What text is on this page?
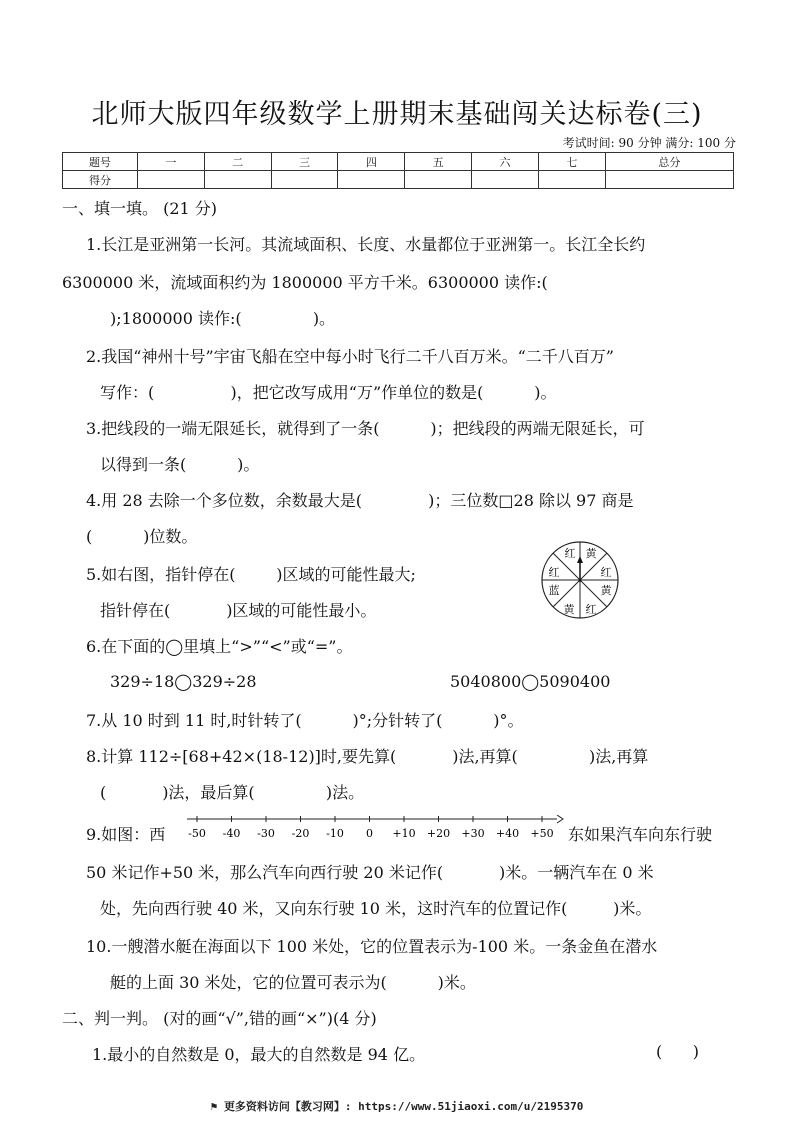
北师大版四年级数学上册期末基础闯关达标卷(三)
考试时间: 90 分钟 满分: 100 分
题号	一	二	三	四	五	六	七	总分
得分								
一、填一填。 (21 分)
1.长江是亚洲第一长河。其流域面积、长度、水量都位于亚洲第一。长江全长约
6300000 米，流域面积约为 1800000 平方千米。6300000 读作:(
);1800000 读作:(              )。
2.我国“神州十号”宇宙飞船在空中每小时飞行二千八百万米。“二千八百万”
写作：(               )，把它改写成用“万”作单位的数是(          )。
3.把线段的一端无限延长，就得到了一条(          )；把线段的两端无限延长，可
以得到一条(          )。
4.用 28 去除一个多位数，余数最大是(             )；三位数□28 除以 97 商是
(          )位数。
5.如右图，指针停在(        )区域的可能性最大;
指针停在(           )区域的可能性最小。
红 黄
红
黄
红
黄
蓝
红
6.在下面的◯里填上“>”“<”或“=”。
329÷18◯329÷28	5040800◯5090400
7.从 10 时到 11 时,时针转了(          )°;分针转了(          )°。
8.计算 112÷[68+42×(18-12)]时,要先算(           )法,再算(              )法,再算
(           )法，最后算(              )法。
9.如图：西 -50 -40 -30 -20 -10 0 +10 +20 +30 +40 +50 东如果汽车向东行驶
50 米记作+50 米，那么汽车向西行驶 20 米记作(           )米。一辆汽车在 0 米
处，先向西行驶 40 米，又向东行驶 10 米，这时汽车的位置记作(         )米。
10.一艘潜水艇在海面以下 100 米处，它的位置表示为-100 米。一条金鱼在潜水
艇的上面 30 米处，它的位置可表示为(          )米。
二、判一判。 (对的画“√”,错的画“×”)(4 分)
1.最小的自然数是 0，最大的自然数是 94 亿。	(      )
⚑ 更多资料访问【教习网】: https://www.51jiaoxi.com/u/2195370
